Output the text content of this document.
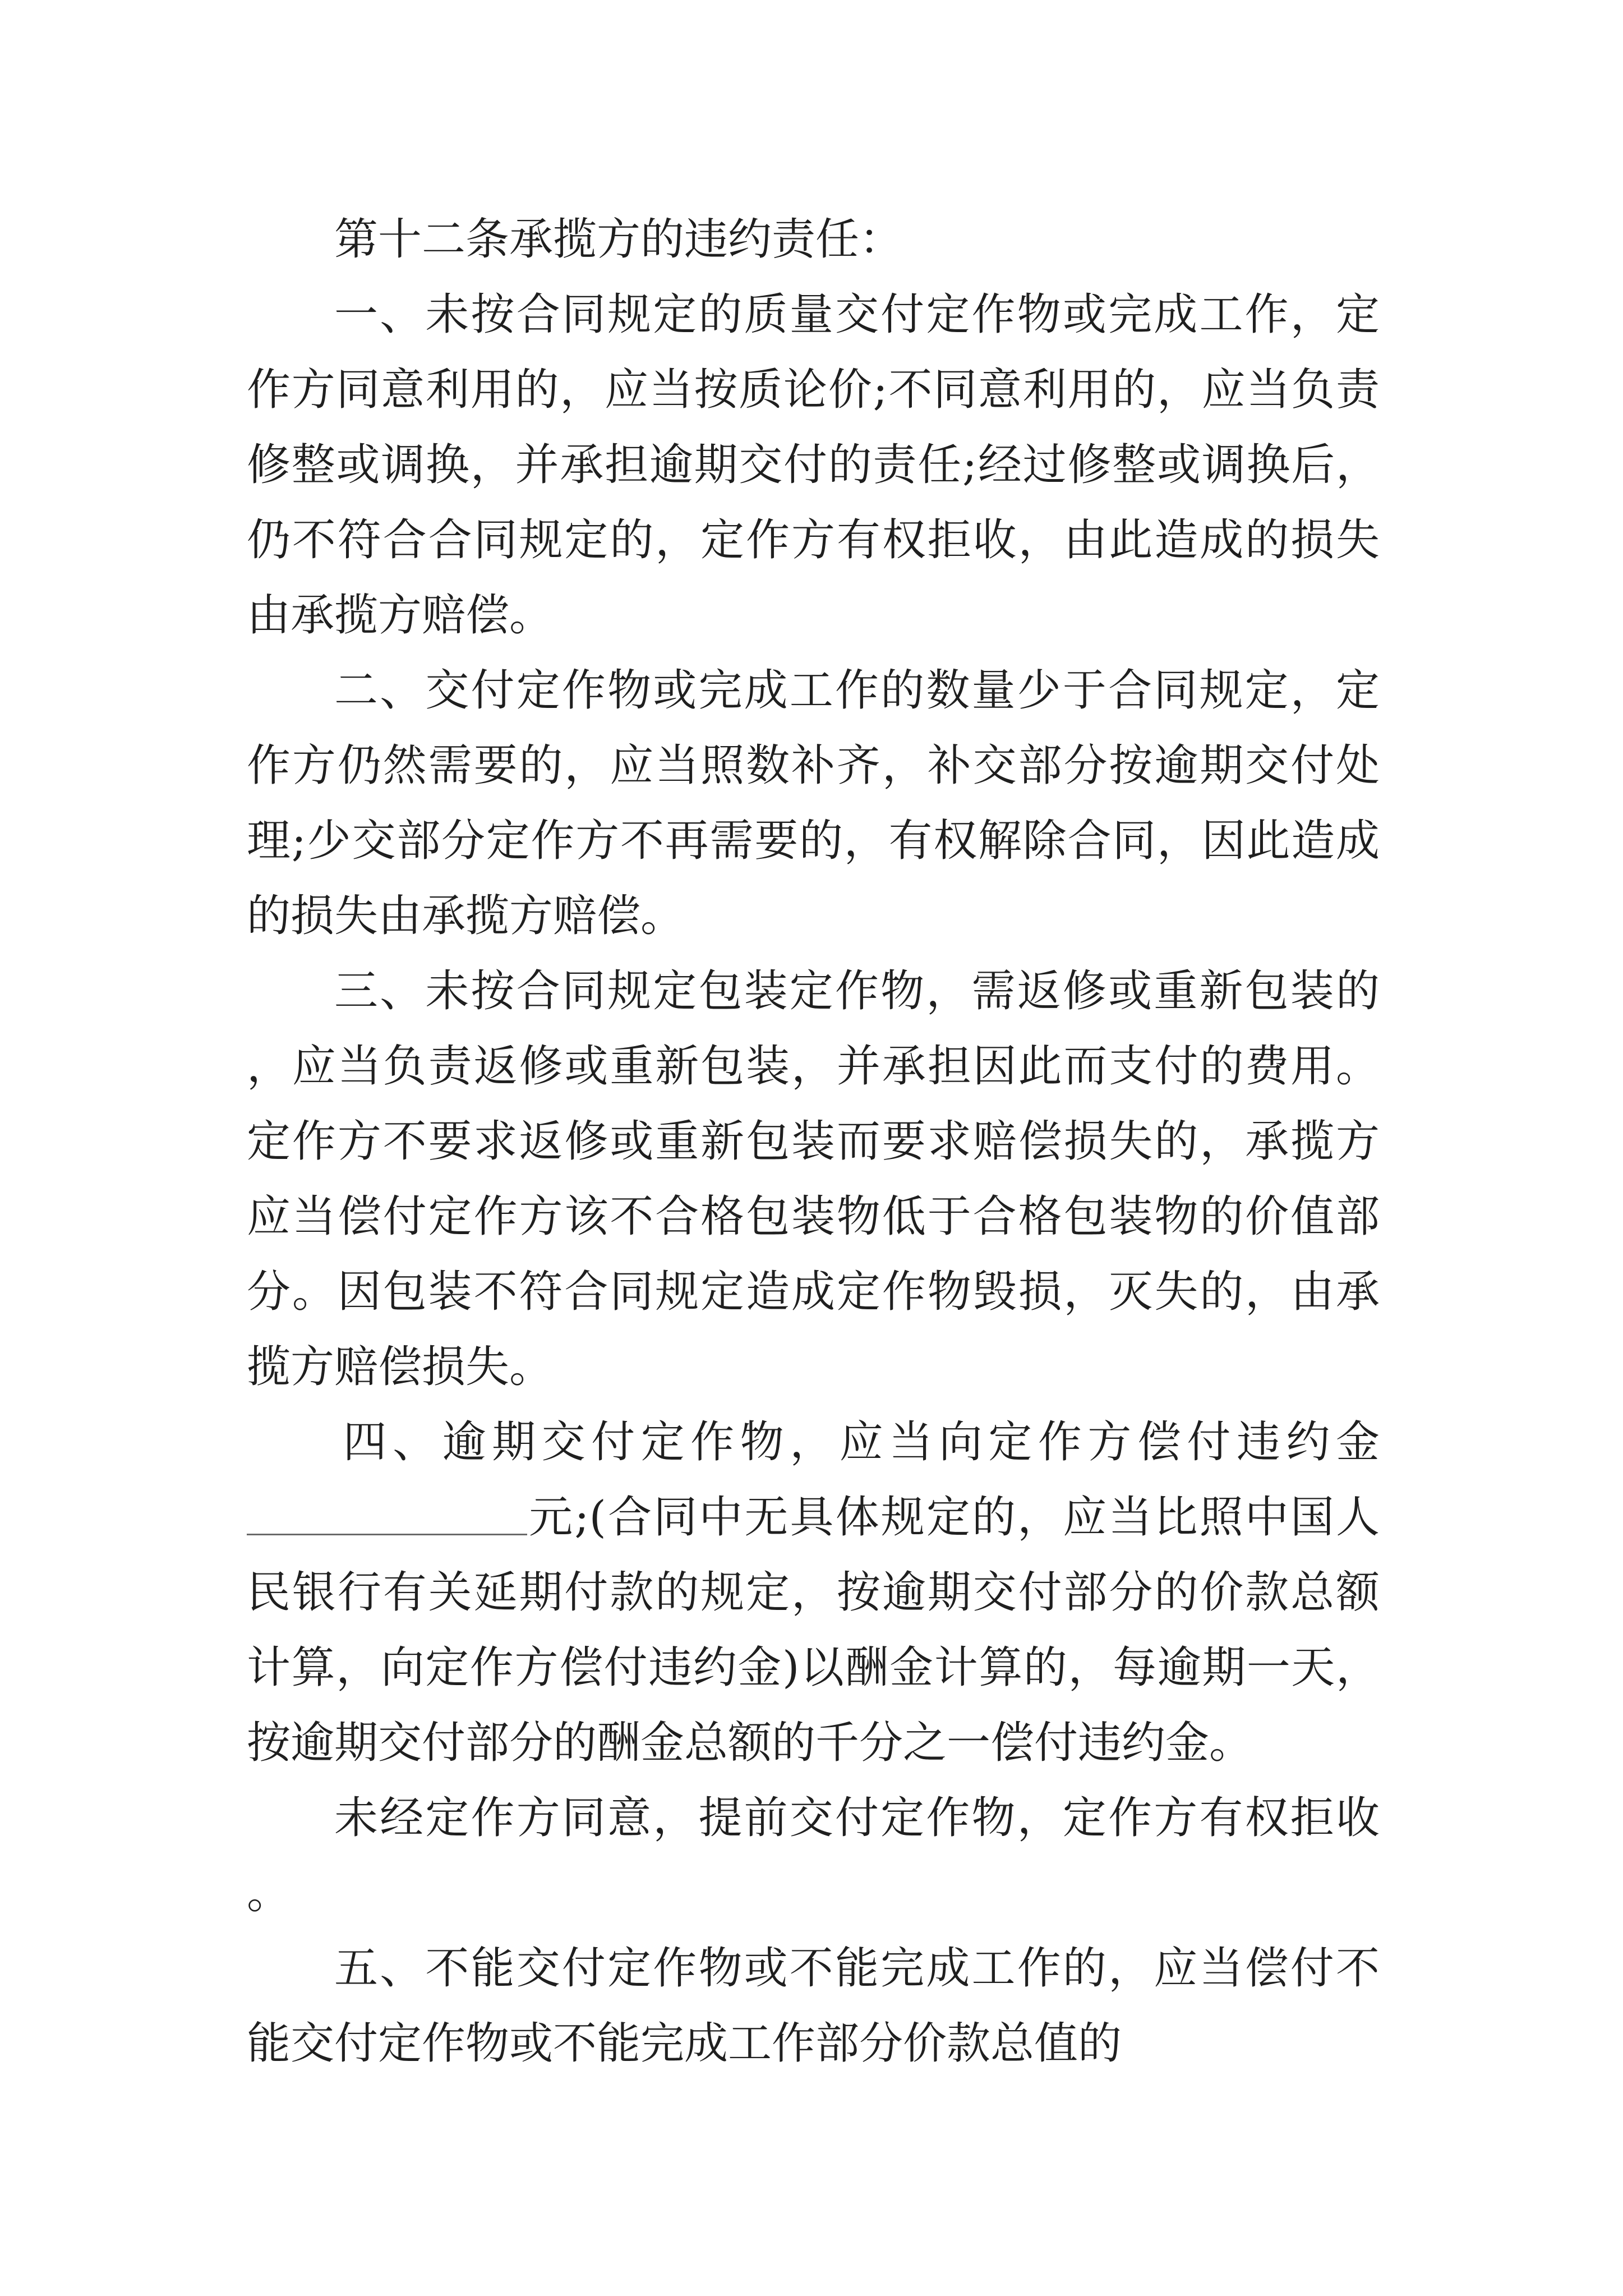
第十二条承揽方的违约责任：

一、未按合同规定的质量交付定作物或完成工作，定作方同意利用的，应当按质论价;不同意利用的，应当负责修整或调换，并承担逾期交付的责任;经过修整或调换后，仍不符合合同规定的，定作方有权拒收，由此造成的损失由承揽方赔偿。

二、交付定作物或完成工作的数量少于合同规定，定作方仍然需要的，应当照数补齐，补交部分按逾期交付处理;少交部分定作方不再需要的，有权解除合同，因此造成的损失由承揽方赔偿。

三、未按合同规定包装定作物，需返修或重新包装的，应当负责返修或重新包装，并承担因此而支付的费用。定作方不要求返修或重新包装而要求赔偿损失的，承揽方应当偿付定作方该不合格包装物低于合格包装物的价值部分。因包装不符合同规定造成定作物毁损，灭失的，由承揽方赔偿损失。

四、逾期交付定作物，应当向定作方偿付违约金元;(合同中无具体规定的，应当比照中国人民银行有关延期付款的规定，按逾期交付部分的价款总额计算，向定作方偿付违约金)以酬金计算的，每逾期一天，按逾期交付部分的酬金总额的千分之一偿付违约金。

未经定作方同意，提前交付定作物，定作方有权拒收。

五、不能交付定作物或不能完成工作的，应当偿付不能交付定作物或不能完成工作部分价款总值的
